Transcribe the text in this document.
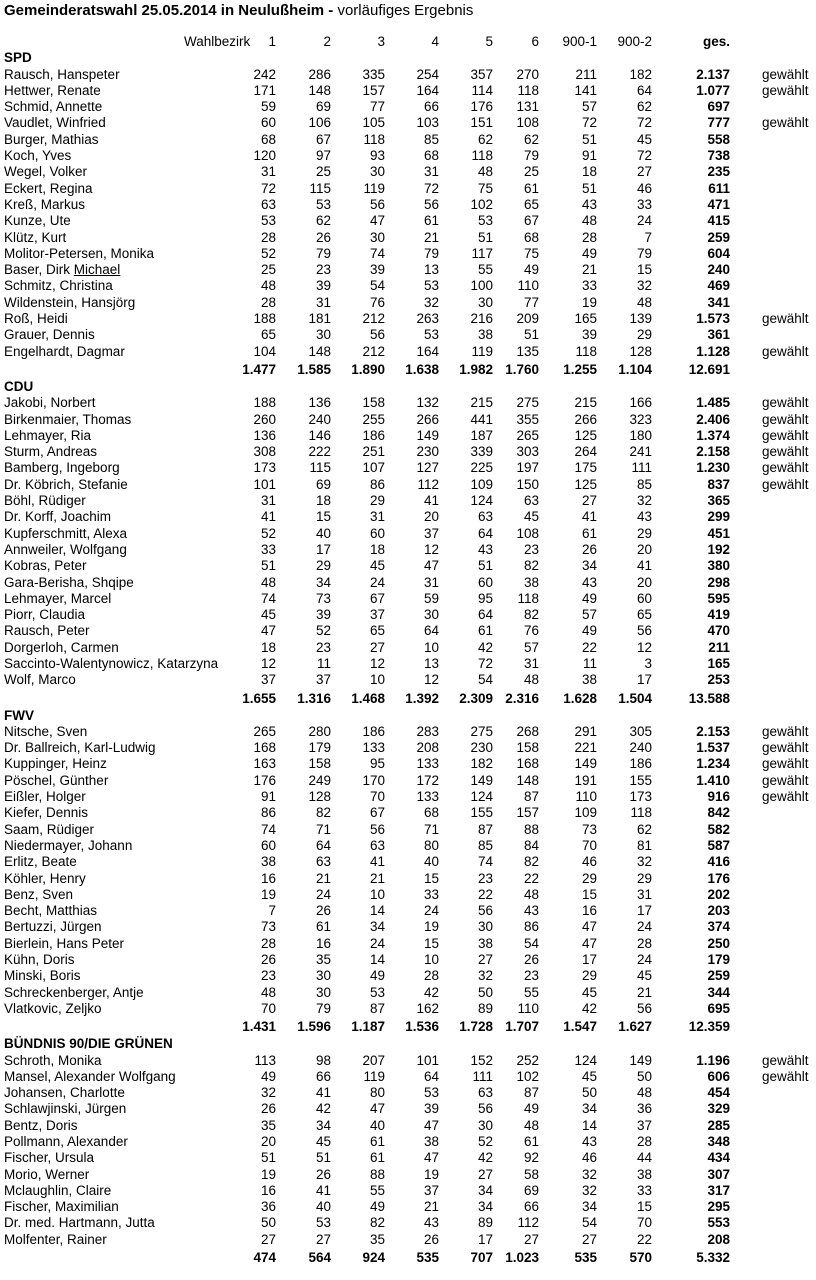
Gemeinderatswahl 25.05.2014 in Neulußheim - vorläufiges Ergebnis
Wahlbezirk	1	2	3	4	5	6	900-1	900-2	ges.
SPD
Rausch, Hanspeter	242	286	335	254	357	270	211	182	2.137 gewählt
Hettwer, Renate	171	148	157	164	114	118	141	64	1.077 gewählt
Schmid, Annette	59	69	77	66	176	131	57	62	697
Vaudlet, Winfried	60	106	105	103	151	108	72	72	777 gewählt
Burger, Mathias	68	67	118	85	62	62	51	45	558
Koch, Yves	120	97	93	68	118	79	91	72	738
Wegel, Volker	31	25	30	31	48	25	18	27	235
Eckert, Regina	72	115	119	72	75	61	51	46	611
Kreß, Markus	63	53	56	56	102	65	43	33	471
Kunze, Ute	53	62	47	61	53	67	48	24	415
Klütz, Kurt	28	26	30	21	51	68	28	7	259
Molitor-Petersen, Monika	52	79	74	79	117	75	49	79	604
Baser, Dirk Michael	25	23	39	13	55	49	21	15	240
Schmitz, Christina	48	39	54	53	100	110	33	32	469
Wildenstein, Hansjörg	28	31	76	32	30	77	19	48	341
Roß, Heidi	188	181	212	263	216	209	165	139	1.573 gewählt
Grauer, Dennis	65	30	56	53	38	51	39	29	361
Engelhardt, Dagmar	104	148	212	164	119	135	118	128	1.128 gewählt
1.477	1.585	1.890	1.638	1.982 1.760	1.255	1.104	12.691
CDU
Jakobi, Norbert	188	136	158	132	215	275	215	166	1.485 gewählt
Birkenmaier, Thomas	260	240	255	266	441	355	266	323	2.406 gewählt
Lehmayer, Ria	136	146	186	149	187	265	125	180	1.374 gewählt
Sturm, Andreas	308	222	251	230	339	303	264	241	2.158 gewählt
Bamberg, Ingeborg	173	115	107	127	225	197	175	111	1.230 gewählt
Dr. Köbrich, Stefanie	101	69	86	112	109	150	125	85	837 gewählt
Böhl, Rüdiger	31	18	29	41	124	63	27	32	365
Dr. Korff, Joachim	41	15	31	20	63	45	41	43	299
Kupferschmitt, Alexa	52	40	60	37	64	108	61	29	451
Annweiler, Wolfgang	33	17	18	12	43	23	26	20	192
Kobras, Peter	51	29	45	47	51	82	34	41	380
Gara-Berisha, Shqipe	48	34	24	31	60	38	43	20	298
Lehmayer, Marcel	74	73	67	59	95	118	49	60	595
Piorr, Claudia	45	39	37	30	64	82	57	65	419
Rausch, Peter	47	52	65	64	61	76	49	56	470
Dorgerloh, Carmen	18	23	27	10	42	57	22	12	211
Saccinto-Walentynowicz, Katarzyna	12	11	12	13	72	31	11	3	165
Wolf, Marco	37	37	10	12	54	48	38	17	253
1.655	1.316	1.468	1.392	2.309 2.316	1.628	1.504	13.588
FWV
Nitsche, Sven	265	280	186	283	275	268	291	305	2.153 gewählt
Dr. Ballreich, Karl-Ludwig	168	179	133	208	230	158	221	240	1.537 gewählt
Kuppinger, Heinz	163	158	95	133	182	168	149	186	1.234 gewählt
Pöschel, Günther	176	249	170	172	149	148	191	155	1.410 gewählt
Eißler, Holger	91	128	70	133	124	87	110	173	916 gewählt
Kiefer, Dennis	86	82	67	68	155	157	109	118	842
Saam, Rüdiger	74	71	56	71	87	88	73	62	582
Niedermayer, Johann	60	64	63	80	85	84	70	81	587
Erlitz, Beate	38	63	41	40	74	82	46	32	416
Köhler, Henry	16	21	21	15	23	22	29	29	176
Benz, Sven	19	24	10	33	22	48	15	31	202
Becht, Matthias	7	26	14	24	56	43	16	17	203
Bertuzzi, Jürgen	73	61	34	19	30	86	47	24	374
Bierlein, Hans Peter	28	16	24	15	38	54	47	28	250
Kühn, Doris	26	35	14	10	27	26	17	24	179
Minski, Boris	23	30	49	28	32	23	29	45	259
Schreckenberger, Antje	48	30	53	42	50	55	45	21	344
Vlatkovic, Zeljko	70	79	87	162	89	110	42	56	695
1.431	1.596	1.187	1.536	1.728 1.707	1.547	1.627	12.359
BÜNDNIS 90/DIE GRÜNEN
Schroth, Monika	113	98	207	101	152	252	124	149	1.196 gewählt
Mansel, Alexander Wolfgang	49	66	119	64	111	102	45	50	606 gewählt
Johansen, Charlotte	32	41	80	53	63	87	50	48	454
Schlawjinski, Jürgen	26	42	47	39	56	49	34	36	329
Bentz, Doris	35	34	40	47	30	48	14	37	285
Pollmann, Alexander	20	45	61	38	52	61	43	28	348
Fischer, Ursula	51	51	61	47	42	92	46	44	434
Morio, Werner	19	26	88	19	27	58	32	38	307
Mclaughlin, Claire	16	41	55	37	34	69	32	33	317
Fischer, Maximilian	36	40	49	21	34	66	34	15	295
Dr. med. Hartmann, Jutta	50	53	82	43	89	112	54	70	553
Molfenter, Rainer	27	27	35	26	17	27	27	22	208
474	564	924	535	707 1.023	535	570	5.332
